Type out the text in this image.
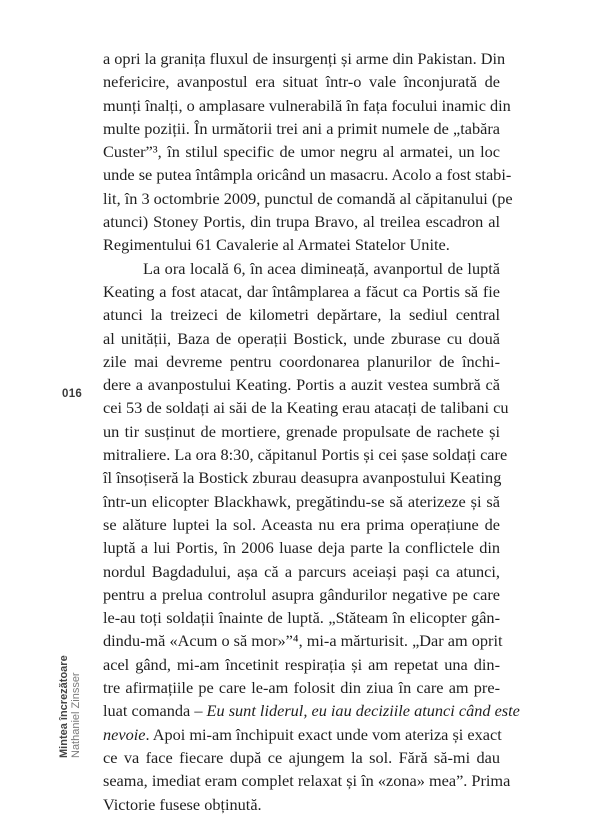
a opri la granița fluxul de insurgenți și arme din Pakistan. Din
nefericire, avanpostul era situat într-o vale înconjurată de
munți înalți, o amplasare vulnerabilă în fața focului inamic din
multe poziții. În următorii trei ani a primit numele de „tabăra
Custer”³, în stilul specific de umor negru al armatei, un loc
unde se putea întâmpla oricând un masacru. Acolo a fost stabi-
lit, în 3 octombrie 2009, punctul de comandă al căpitanului (pe
atunci) Stoney Portis, din trupa Bravo, al treilea escadron al
Regimentului 61 Cavalerie al Armatei Statelor Unite.
La ora locală 6, în acea dimineață, avanportul de luptă
Keating a fost atacat, dar întâmplarea a făcut ca Portis să fie
atunci la treizeci de kilometri depărtare, la sediul central
al unității, Baza de operații Bostick, unde zburase cu două
zile mai devreme pentru coordonarea planurilor de închi-
dere a avanpostului Keating. Portis a auzit vestea sumbră că
cei 53 de soldați ai săi de la Keating erau atacați de talibani cu
un tir susținut de mortiere, grenade propulsate de rachete și
mitraliere. La ora 8:30, căpitanul Portis și cei șase soldați care
îl însoțiseră la Bostick zburau deasupra avanpostului Keating
într-un elicopter Blackhawk, pregătindu-se să aterizeze și să
se alăture luptei la sol. Aceasta nu era prima operațiune de
luptă a lui Portis, în 2006 luase deja parte la conflictele din
nordul Bagdadului, așa că a parcurs aceiași pași ca atunci,
pentru a prelua controlul asupra gândurilor negative pe care
le-au toți soldații înainte de luptă. „Stăteam în elicopter gân-
dindu-mă «Acum o să mor»”⁴, mi-a mărturisit. „Dar am oprit
acel gând, mi-am încetinit respirația și am repetat una din-
tre afirmațiile pe care le-am folosit din ziua în care am pre-
luat comanda – Eu sunt liderul, eu iau deciziile atunci când este
nevoie. Apoi mi-am închipuit exact unde vom ateriza și exact
ce va face fiecare după ce ajungem la sol. Fără să-mi dau
seama, imediat eram complet relaxat și în «zona» mea”. Prima
Victorie fusese obținută.
016
Mintea încrezătoare Nathaniel Zinsser
